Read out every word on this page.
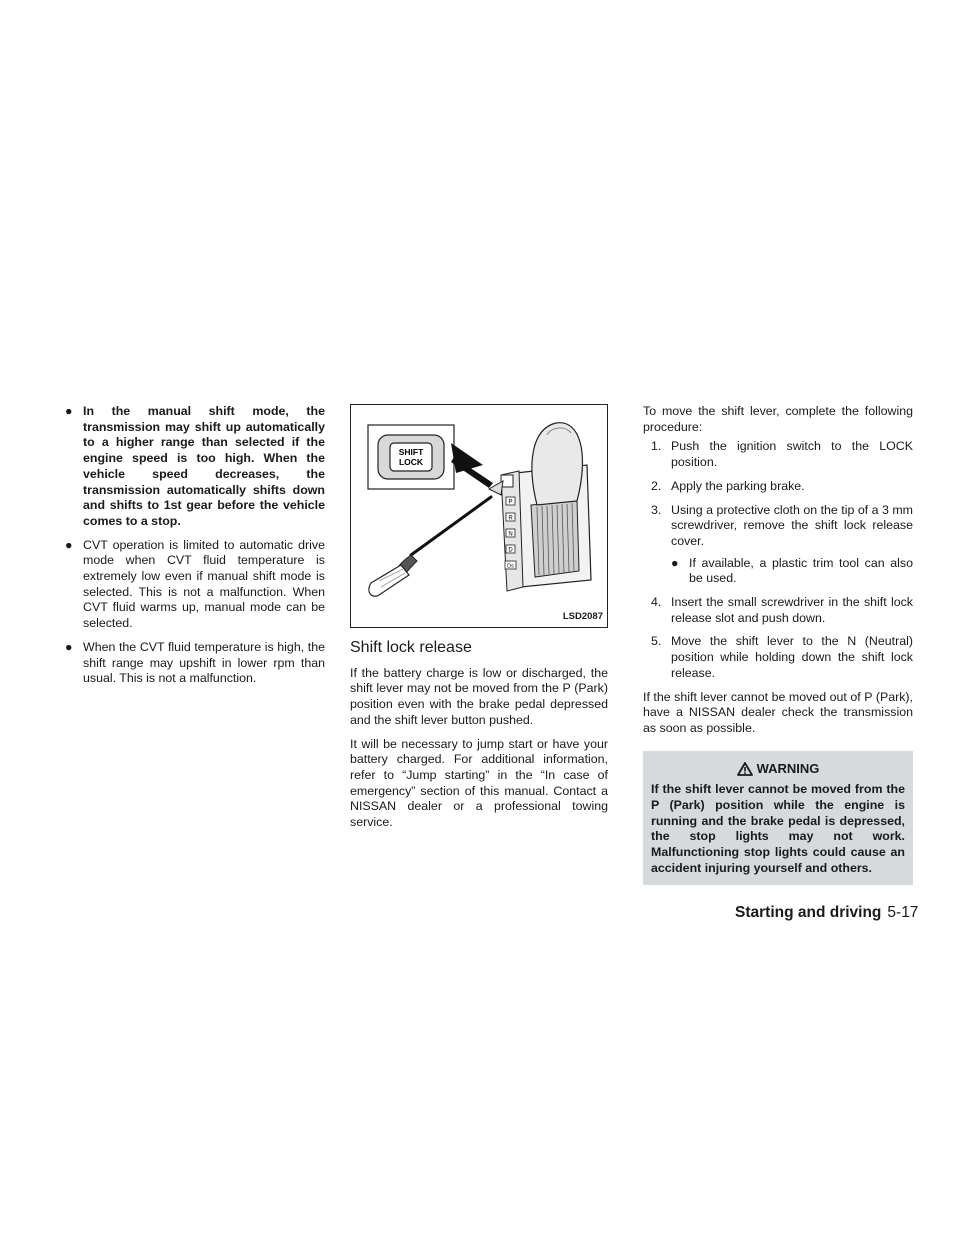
● In the manual shift mode, the transmission may shift up automatically to a higher range than selected if the engine speed is too high. When the vehicle speed decreases, the transmission automatically shifts down and shifts to 1st gear before the vehicle comes to a stop.
● CVT operation is limited to automatic drive mode when CVT fluid temperature is extremely low even if manual shift mode is selected. This is not a malfunction. When CVT fluid warms up, manual mode can be selected.
● When the CVT fluid temperature is high, the shift range may upshift in lower rpm than usual. This is not a malfunction.
SHIFT
LOCK
P
R
N
D
Ds
LSD2087
Shift lock release

If the battery charge is low or discharged, the shift lever may not be moved from the P (Park) position even with the brake pedal depressed and the shift lever button pushed.

It will be necessary to jump start or have your battery charged. For additional information, refer to “Jump starting” in the “In case of emergency” section of this manual. Contact a NISSAN dealer or a professional towing service.

To move the shift lever, complete the following procedure:

1. Push the ignition switch to the LOCK position.
2. Apply the parking brake.
3. Using a protective cloth on the tip of a 3 mm screwdriver, remove the shift lock release cover.
● If available, a plastic trim tool can also be used.
4. Insert the small screwdriver in the shift lock release slot and push down.
5. Move the shift lever to the N (Neutral) position while holding down the shift lock release.

If the shift lever cannot be moved out of P (Park), have a NISSAN dealer check the transmission as soon as possible.

WARNING
If the shift lever cannot be moved from the P (Park) position while the engine is running and the brake pedal is depressed, the stop lights may not work. Malfunctioning stop lights could cause an accident injuring yourself and others.
Starting and driving 5-17
